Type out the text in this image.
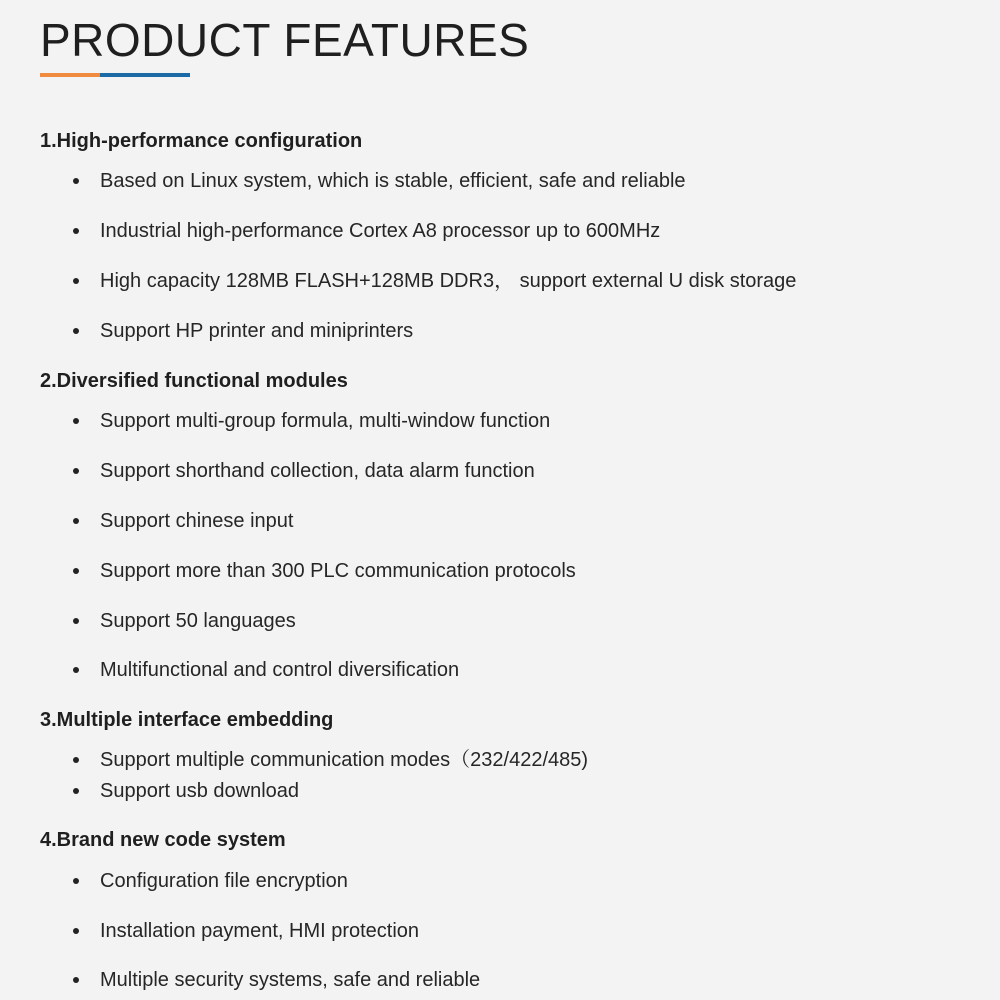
PRODUCT FEATURES
1.High-performance configuration
Based on Linux system, which is stable, efficient, safe and reliable
Industrial high-performance Cortex A8 processor up to 600MHz
High capacity 128MB FLASH+128MB DDR3， support external U disk storage
Support HP printer and miniprinters
2.Diversified functional modules
Support multi-group formula, multi-window function
Support shorthand collection, data alarm function
Support chinese input
Support more than 300 PLC communication protocols
Support 50 languages
Multifunctional and control diversification
3.Multiple interface embedding
Support multiple communication modes（232/422/485)
Support usb download
4.Brand new code system
Configuration file encryption
Installation payment, HMI protection
Multiple security systems, safe and reliable
